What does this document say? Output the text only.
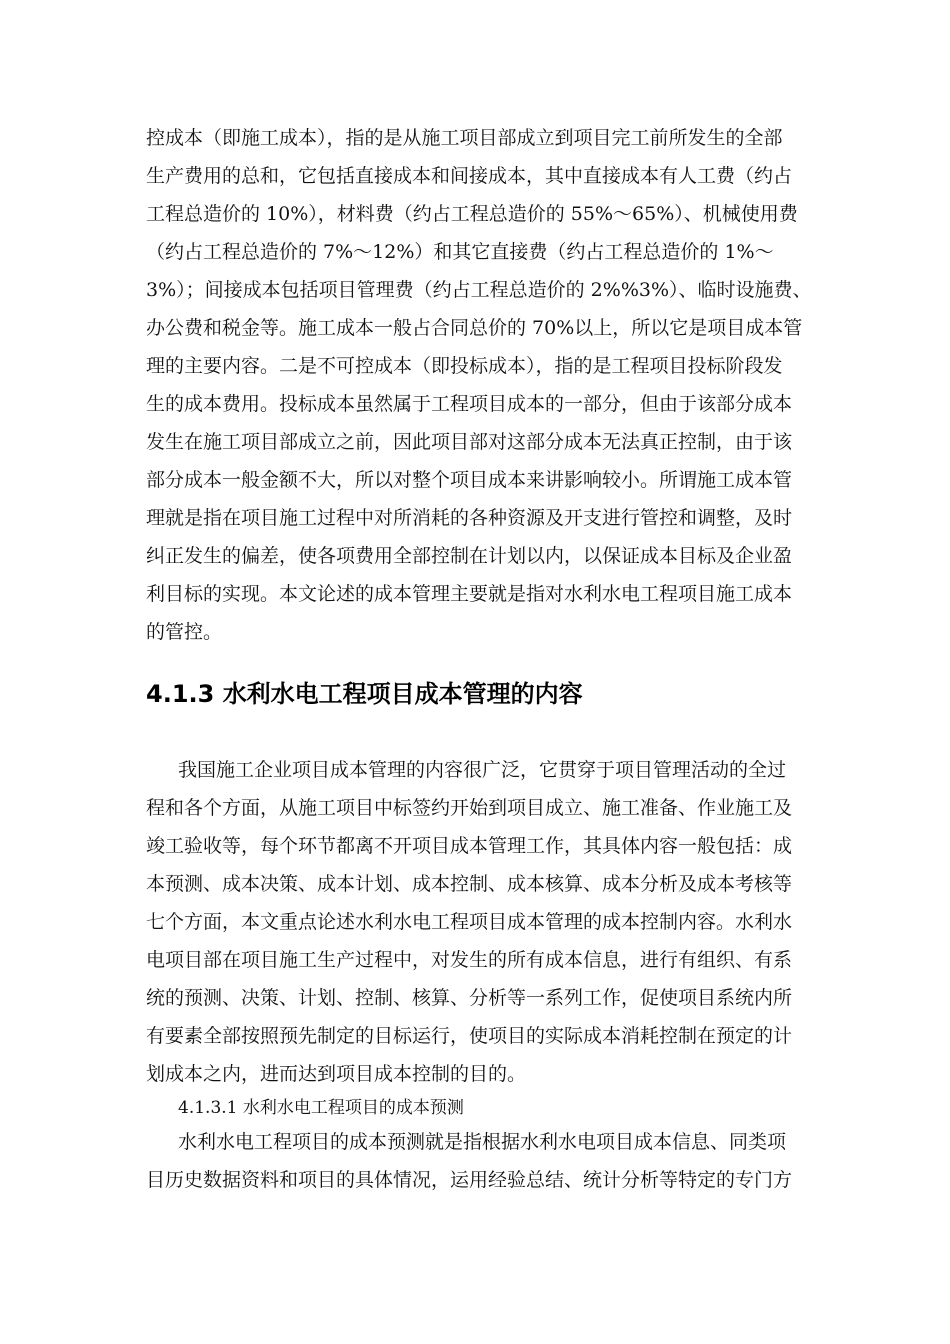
控成本（即施工成本），指的是从施工项目部成立到项目完工前所发生的全部
生产费用的总和，它包括直接成本和间接成本，其中直接成本有人工费（约占
工程总造价的 10%），材料费（约占工程总造价的 55%～65%）、机械使用费
（约占工程总造价的 7%～12%）和其它直接费（约占工程总造价的 1%～
3%）；间接成本包括项目管理费（约占工程总造价的 2%%3%）、临时设施费、
办公费和税金等。施工成本一般占合同总价的 70%以上，所以它是项目成本管
理的主要内容。二是不可控成本（即投标成本），指的是工程项目投标阶段发
生的成本费用。投标成本虽然属于工程项目成本的一部分，但由于该部分成本
发生在施工项目部成立之前，因此项目部对这部分成本无法真正控制，由于该
部分成本一般金额不大，所以对整个项目成本来讲影响较小。所谓施工成本管
理就是指在项目施工过程中对所消耗的各种资源及开支进行管控和调整，及时
纠正发生的偏差，使各项费用全部控制在计划以内，以保证成本目标及企业盈
利目标的实现。本文论述的成本管理主要就是指对水利水电工程项目施工成本
的管控。
4.1.3 水利水电工程项目成本管理的内容
我国施工企业项目成本管理的内容很广泛，它贯穿于项目管理活动的全过
程和各个方面，从施工项目中标签约开始到项目成立、施工准备、作业施工及
竣工验收等，每个环节都离不开项目成本管理工作，其具体内容一般包括：成
本预测、成本决策、成本计划、成本控制、成本核算、成本分析及成本考核等
七个方面，本文重点论述水利水电工程项目成本管理的成本控制内容。水利水
电项目部在项目施工生产过程中，对发生的所有成本信息，进行有组织、有系
统的预测、决策、计划、控制、核算、分析等一系列工作，促使项目系统内所
有要素全部按照预先制定的目标运行，使项目的实际成本消耗控制在预定的计
划成本之内，进而达到项目成本控制的目的。
4.1.3.1 水利水电工程项目的成本预测
水利水电工程项目的成本预测就是指根据水利水电项目成本信息、同类项
目历史数据资料和项目的具体情况，运用经验总结、统计分析等特定的专门方
